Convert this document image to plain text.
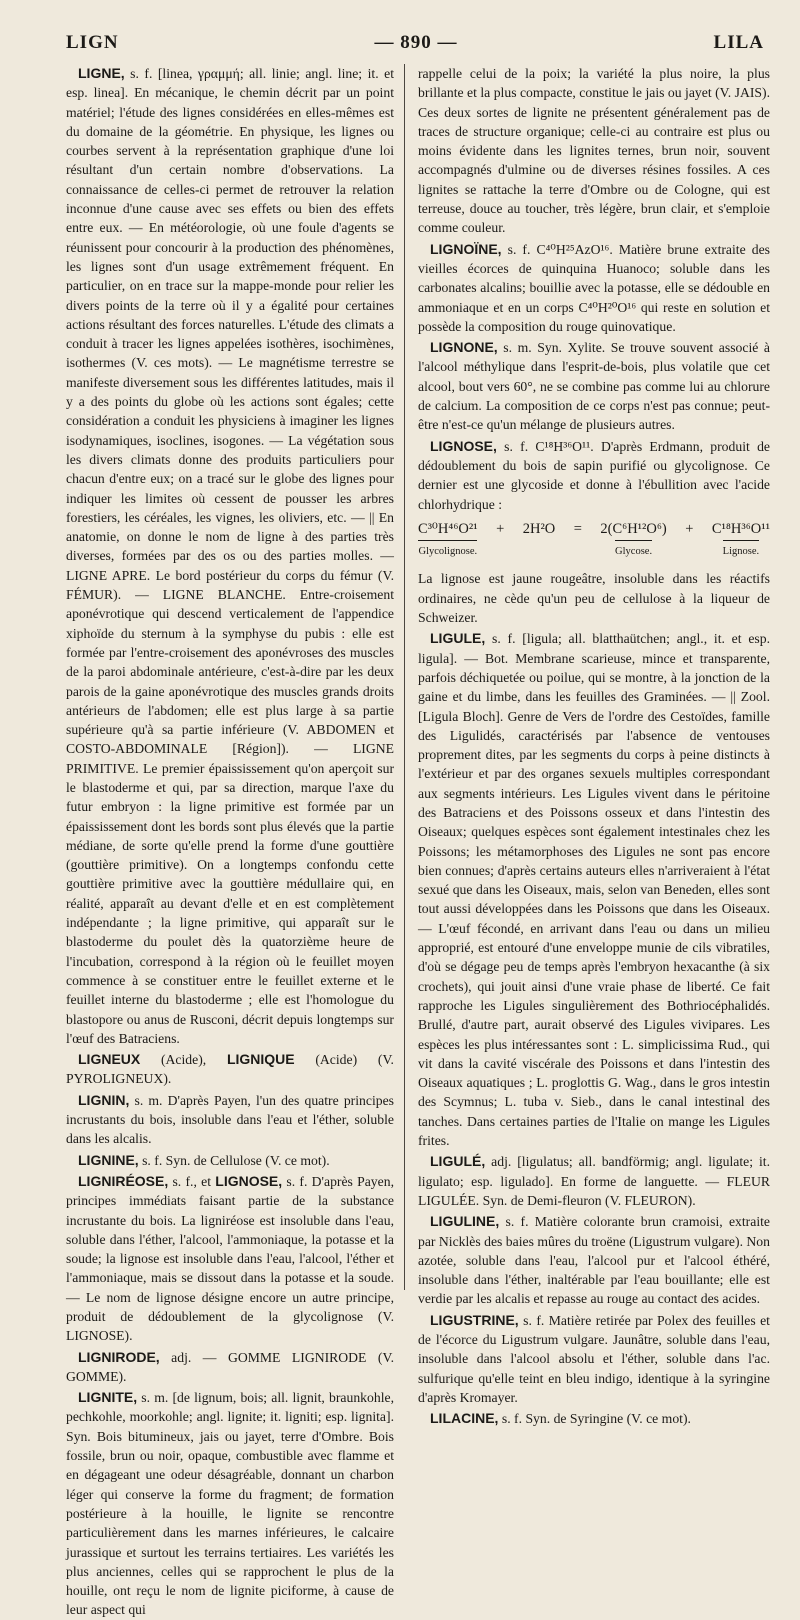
LIGN	— 890 —	LILA

LIGNE, s. f. [linea, γραμμή; all. linie; angl. line; it. et esp. linea]. En mécanique, le chemin décrit par un point matériel; l'étude des lignes considérées en elles-mêmes est du domaine de la géométrie. En physique, les lignes ou courbes servent à la représentation graphique d'une loi résultant d'un certain nombre d'observations. La connaissance de celles-ci permet de retrouver la relation inconnue d'une cause avec ses effets ou bien des effets entre eux. — En météorologie, où une foule d'agents se réunissent pour concourir à la production des phénomènes, les lignes sont d'un usage extrêmement fréquent. En particulier, on en trace sur la mappe-monde pour relier les divers points de la terre où il y a égalité pour certaines actions résultant des forces naturelles. L'étude des climats a conduit à tracer les lignes appelées isothères, isochimènes, isothermes (V. ces mots). — Le magnétisme terrestre se manifeste diversement sous les différentes latitudes, mais il y a des points du globe où les actions sont égales; cette considération a conduit les physiciens à imaginer les lignes isodynamiques, isoclines, isogones. — La végétation sous les divers climats donne des produits particuliers pour chacun d'entre eux; on a tracé sur le globe des lignes pour indiquer les limites où cessent de pousser les arbres forestiers, les céréales, les vignes, les oliviers, etc. — || En anatomie, on donne le nom de ligne à des parties très diverses, formées par des os ou des parties molles. — LIGNE APRE. Le bord postérieur du corps du fémur (V. FÉMUR). — LIGNE BLANCHE. Entre-croisement aponévrotique qui descend verticalement de l'appendice xiphoïde du sternum à la symphyse du pubis : elle est formée par l'entre-croisement des aponévroses des muscles de la paroi abdominale antérieure, c'est-à-dire par les deux parois de la gaine aponévrotique des muscles grands droits antérieurs de l'abdomen; elle est plus large à sa partie supérieure qu'à sa partie inférieure (V. ABDOMEN et COSTO-ABDOMINALE [Région]). — LIGNE PRIMITIVE. Le premier épaississement qu'on aperçoit sur le blastoderme et qui, par sa direction, marque l'axe du futur embryon : la ligne primitive est formée par un épaississement dont les bords sont plus élevés que la partie médiane, de sorte qu'elle prend la forme d'une gouttière (gouttière primitive). On a longtemps confondu cette gouttière primitive avec la gouttière médullaire qui, en réalité, apparaît au devant d'elle et en est complètement indépendante ; la ligne primitive, qui apparaît sur le blastoderme du poulet dès la quatorzième heure de l'incubation, correspond à la région où le feuillet moyen commence à se constituer entre le feuillet externe et le feuillet interne du blastoderme ; elle est l'homologue du blastopore ou anus de Rusconi, décrit depuis longtemps sur l'œuf des Batraciens.

LIGNEUX (Acide), LIGNIQUE (Acide) (V. PYROLIGNEUX).

LIGNIN, s. m. D'après Payen, l'un des quatre principes incrustants du bois, insoluble dans l'eau et l'éther, soluble dans les alcalis.

LIGNINE, s. f. Syn. de Cellulose (V. ce mot).

LIGNIRÉOSE, s. f., et LIGNOSE, s. f. D'après Payen, principes immédiats faisant partie de la substance incrustante du bois. La ligniréose est insoluble dans l'eau, soluble dans l'éther, l'alcool, l'ammoniaque, la potasse et la soude; la lignose est insoluble dans l'eau, l'alcool, l'éther et l'ammoniaque, mais se dissout dans la potasse et la soude. — Le nom de lignose désigne encore un autre principe, produit de dédoublement de la glycolignose (V. LIGNOSE).

LIGNIRODE, adj. — GOMME LIGNIRODE (V. GOMME).

LIGNITE, s. m. [de lignum, bois; all. lignit, braunkohle, pechkohle, moorkohle; angl. lignite; it. ligniti; esp. lignita]. Syn. Bois bitumineux, jais ou jayet, terre d'Ombre. Bois fossile, brun ou noir, opaque, combustible avec flamme et en dégageant une odeur désagréable, donnant un charbon léger qui conserve la forme du fragment; de formation postérieure à la houille, le lignite se rencontre particulièrement dans les marnes inférieures, le calcaire jurassique et surtout les terrains tertiaires. Les variétés les plus anciennes, celles qui se rapprochent le plus de la houille, ont reçu le nom de lignite piciforme, à cause de leur aspect qui

rappelle celui de la poix; la variété la plus noire, la plus brillante et la plus compacte, constitue le jais ou jayet (V. JAIS). Ces deux sortes de lignite ne présentent généralement pas de traces de structure organique; celle-ci au contraire est plus ou moins évidente dans les lignites ternes, brun noir, souvent accompagnés d'ulmine ou de diverses résines fossiles. A ces lignites se rattache la terre d'Ombre ou de Cologne, qui est terreuse, douce au toucher, très légère, brun clair, et s'emploie comme couleur.

LIGNOÏNE, s. f. C⁴⁰H²⁵AzO¹⁶. Matière brune extraite des vieilles écorces de quinquina Huanoco; soluble dans les carbonates alcalins; bouillie avec la potasse, elle se dédouble en ammoniaque et en un corps C⁴⁰H²⁰O¹⁶ qui reste en solution et possède la composition du rouge quinovatique.

LIGNONE, s. m. Syn. Xylite. Se trouve souvent associé à l'alcool méthylique dans l'esprit-de-bois, plus volatile que cet alcool, bout vers 60°, ne se combine pas comme lui au chlorure de calcium. La composition de ce corps n'est pas connue; peut-être n'est-ce qu'un mélange de plusieurs autres.

LIGNOSE, s. f. C¹⁸H³⁶O¹¹. D'après Erdmann, produit de dédoublement du bois de sapin purifié ou glycolignose. Ce dernier est une glycoside et donne à l'ébullition avec l'acide chlorhydrique :

C³⁰H⁴⁶O²¹
Glycolignose.
+ 2H²O = 2(C⁶H¹²O⁶)
Glycose.
+ C¹⁸H³⁶O¹¹
Lignose.

La lignose est jaune rougeâtre, insoluble dans les réactifs ordinaires, ne cède qu'un peu de cellulose à la liqueur de Schweizer.

LIGULE, s. f. [ligula; all. blatthaütchen; angl., it. et esp. ligula]. — Bot. Membrane scarieuse, mince et transparente, parfois déchiquetée ou poilue, qui se montre, à la jonction de la gaine et du limbe, dans les feuilles des Graminées. — || Zool. [Ligula Bloch]. Genre de Vers de l'ordre des Cestoïdes, famille des Ligulidés, caractérisés par l'absence de ventouses proprement dites, par les segments du corps à peine distincts à l'extérieur et par des organes sexuels multiples correspondant aux segments intérieurs. Les Ligules vivent dans le péritoine des Batraciens et des Poissons osseux et dans l'intestin des Oiseaux; quelques espèces sont également intestinales chez les Poissons; les métamorphoses des Ligules ne sont pas encore bien connues; d'après certains auteurs elles n'arriveraient à l'état sexué que dans les Oiseaux, mais, selon van Beneden, elles sont tout aussi développées dans les Poissons que dans les Oiseaux. — L'œuf fécondé, en arrivant dans l'eau ou dans un milieu approprié, est entouré d'une enveloppe munie de cils vibratiles, d'où se dégage peu de temps après l'embryon hexacanthe (à six crochets), qui jouit ainsi d'une vraie phase de liberté. Ce fait rapproche les Ligules singulièrement des Bothriocéphalidés. Brullé, d'autre part, aurait observé des Ligules vivipares. Les espèces les plus intéressantes sont : L. simplicissima Rud., qui vit dans la cavité viscérale des Poissons et dans l'intestin des Oiseaux aquatiques ; L. proglottis G. Wag., dans le gros intestin des Scymnus; L. tuba v. Sieb., dans le canal intestinal des tanches. Dans certaines parties de l'Italie on mange les Ligules frites.

LIGULÉ, adj. [ligulatus; all. bandförmig; angl. ligulate; it. ligulato; esp. ligulado]. En forme de languette. — FLEUR LIGULÉE. Syn. de Demi-fleuron (V. FLEURON).

LIGULINE, s. f. Matière colorante brun cramoisi, extraite par Nicklès des baies mûres du troëne (Ligustrum vulgare). Non azotée, soluble dans l'eau, l'alcool pur et l'alcool éthéré, insoluble dans l'éther, inaltérable par l'eau bouillante; elle est verdie par les alcalis et repasse au rouge au contact des acides.

LIGUSTRINE, s. f. Matière retirée par Polex des feuilles et de l'écorce du Ligustrum vulgare. Jaunâtre, soluble dans l'eau, insoluble dans l'alcool absolu et l'éther, soluble dans l'ac. sulfurique qu'elle teint en bleu indigo, identique à la syringine d'après Kromayer.

LILACINE, s. f. Syn. de Syringine (V. ce mot).
